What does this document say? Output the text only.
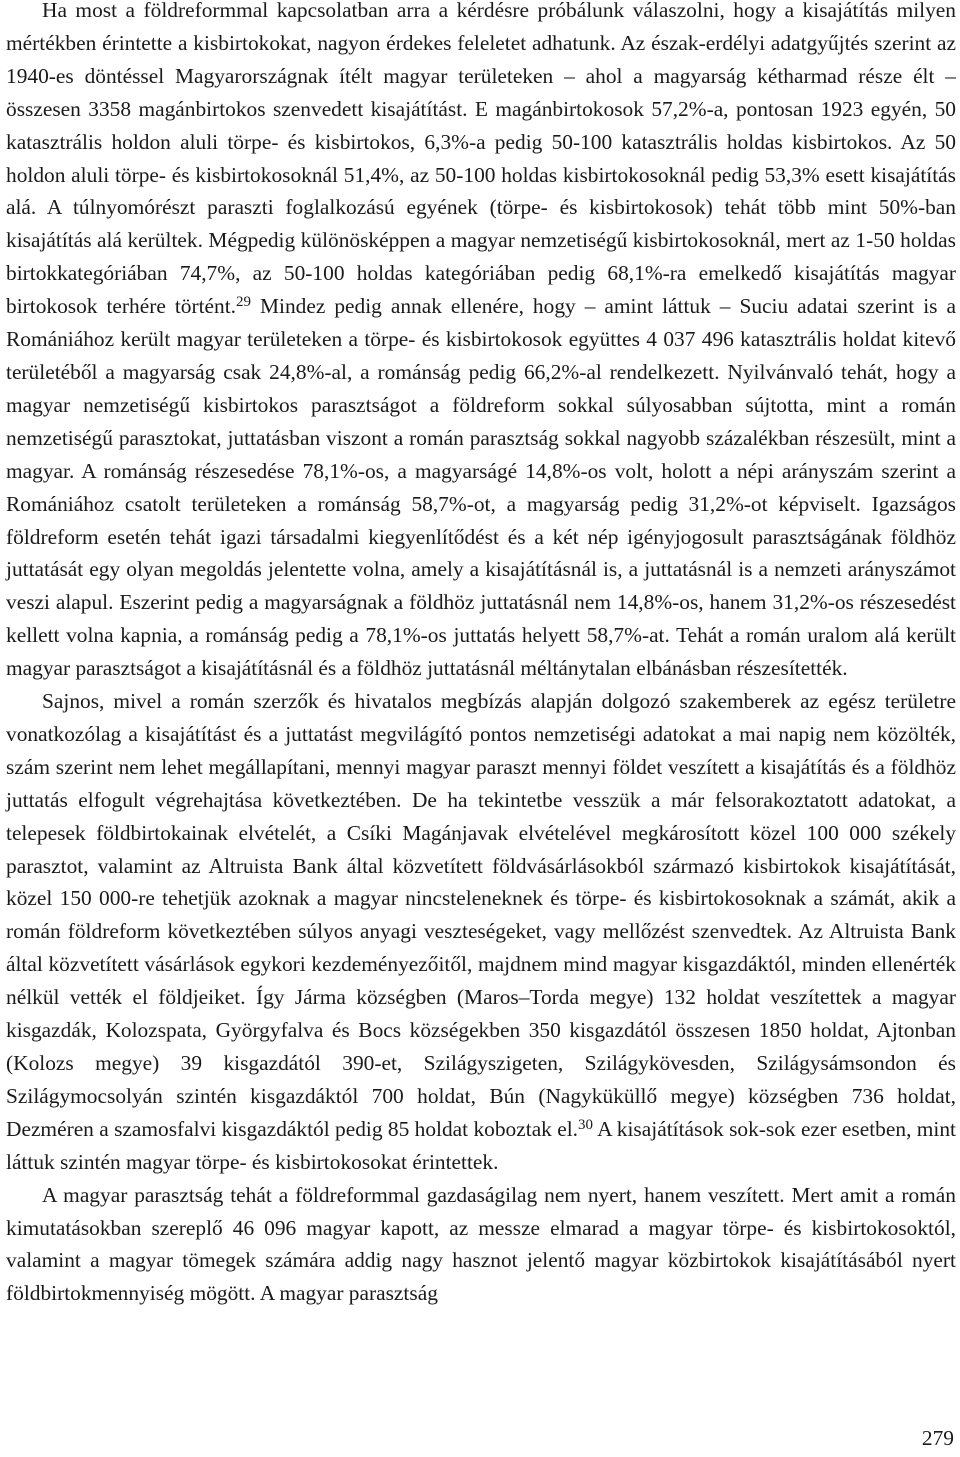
Ha most a földreformmal kapcsolatban arra a kérdésre próbálunk válaszolni, hogy a kisajátítás milyen mértékben érintette a kisbirtokokat, nagyon érdekes feleletet adhatunk. Az észak-erdélyi adatgyűjtés szerint az 1940-es döntéssel Magyarországnak ítélt magyar területeken – ahol a magyarság kétharmad része élt – összesen 3358 magánbirtokos szenvedett kisajátítást. E magánbirtokosok 57,2%-a, pontosan 1923 egyén, 50 katasztrális holdon aluli törpe- és kisbirtokos, 6,3%-a pedig 50-100 katasztrális holdas kisbirtokos. Az 50 holdon aluli törpe- és kisbirtokosoknál 51,4%, az 50-100 holdas kisbirtokosoknál pedig 53,3% esett kisajátítás alá. A túlnyomórészt paraszti foglalkozású egyének (törpe- és kisbirtokosok) tehát több mint 50%-ban kisajátítás alá kerültek. Mégpedig különösképpen a magyar nemzetiségű kisbirtokosoknál, mert az 1-50 holdas birtokkategóriában 74,7%, az 50-100 holdas kategóriában pedig 68,1%-ra emelkedő kisajátítás magyar birtokosok terhére történt.$^{29}$ Mindez pedig annak ellenére, hogy – amint láttuk – Suciu adatai szerint is a Romániához került magyar területeken a törpe- és kisbirtokosok együttes 4 037 496 katasztrális holdat kitevő területéből a magyarság csak 24,8%-al, a románság pedig 66,2%-al rendelkezett. Nyilvánvaló tehát, hogy a magyar nemzetiségű kisbirtokos parasztságot a földreform sokkal súlyosabban sújtotta, mint a román nemzetiségű parasztokat, juttatásban viszont a román parasztság sokkal nagyobb százalékban részesült, mint a magyar. A románság részesedése 78,1%-os, a magyarságé 14,8%-os volt, holott a népi arányszám szerint a Romániához csatolt területeken a románság 58,7%-ot, a magyarság pedig 31,2%-ot képviselt. Igazságos földreform esetén tehát igazi társadalmi kiegyenlítődést és a két nép igényjogosult parasztságának földhöz juttatását egy olyan megoldás jelentette volna, amely a kisajátításnál is, a juttatásnál is a nemzeti arányszámot veszi alapul. Eszerint pedig a magyarságnak a földhöz juttatásnál nem 14,8%-os, hanem 31,2%-os részesedést kellett volna kapnia, a románság pedig a 78,1%-os juttatás helyett 58,7%-at. Tehát a román uralom alá került magyar parasztságot a kisajátításnál és a földhöz juttatásnál méltánytalan elbánásban részesítették.

Sajnos, mivel a román szerzők és hivatalos megbízás alapján dolgozó szakemberek az egész területre vonatkozólag a kisajátítást és a juttatást megvilágító pontos nemzetiségi adatokat a mai napig nem közölték, szám szerint nem lehet megállapítani, mennyi magyar paraszt mennyi földet veszített a kisajátítás és a földhöz juttatás elfogult végrehajtása következtében. De ha tekintetbe vesszük a már felsorakoztatott adatokat, a telepesek földbirtokainak elvételét, a Csíki Magánjavak elvételével megkárosított közel 100 000 székely parasztot, valamint az Altruista Bank által közvetített földvásárlásokból származó kisbirtokok kisajátítását, közel 150 000-re tehetjük azoknak a magyar nincsteleneknek és törpe- és kisbirtokosoknak a számát, akik a román földreform következtében súlyos anyagi veszteségeket, vagy mellőzést szenvedtek. Az Altruista Bank által közvetített vásárlások egykori kezdeményezőitől, majdnem mind magyar kisgazdáktól, minden ellenérték nélkül vették el földjeiket. Így Járma községben (Maros–Torda megye) 132 holdat veszítettek a magyar kisgazdák, Kolozspata, Györgyfalva és Bocs községekben 350 kisgazdától összesen 1850 holdat, Ajtonban (Kolozs megye) 39 kisgazdától 390-et, Szilágyszigeten, Szilágykövesden, Szilágysámsondon és Szilágymocsolyán szintén kisgazdáktól 700 holdat, Bún (Nagyküküllő megye) községben 736 holdat, Dezméren a szamosfalvi kisgazdáktól pedig 85 holdat koboztak el.$^{30}$ A kisajátítások sok-sok ezer esetben, mint láttuk szintén magyar törpe- és kisbirtokosokat érintettek.

A magyar parasztság tehát a földreformmal gazdaságilag nem nyert, hanem veszített. Mert amit a román kimutatásokban szereplő 46 096 magyar kapott, az messze elmarad a magyar törpe- és kisbirtokosoktól, valamint a magyar tömegek számára addig nagy hasznot jelentő magyar közbirtokok kisajátításából nyert földbirtokmennyiség mögött. A magyar parasztság

279
